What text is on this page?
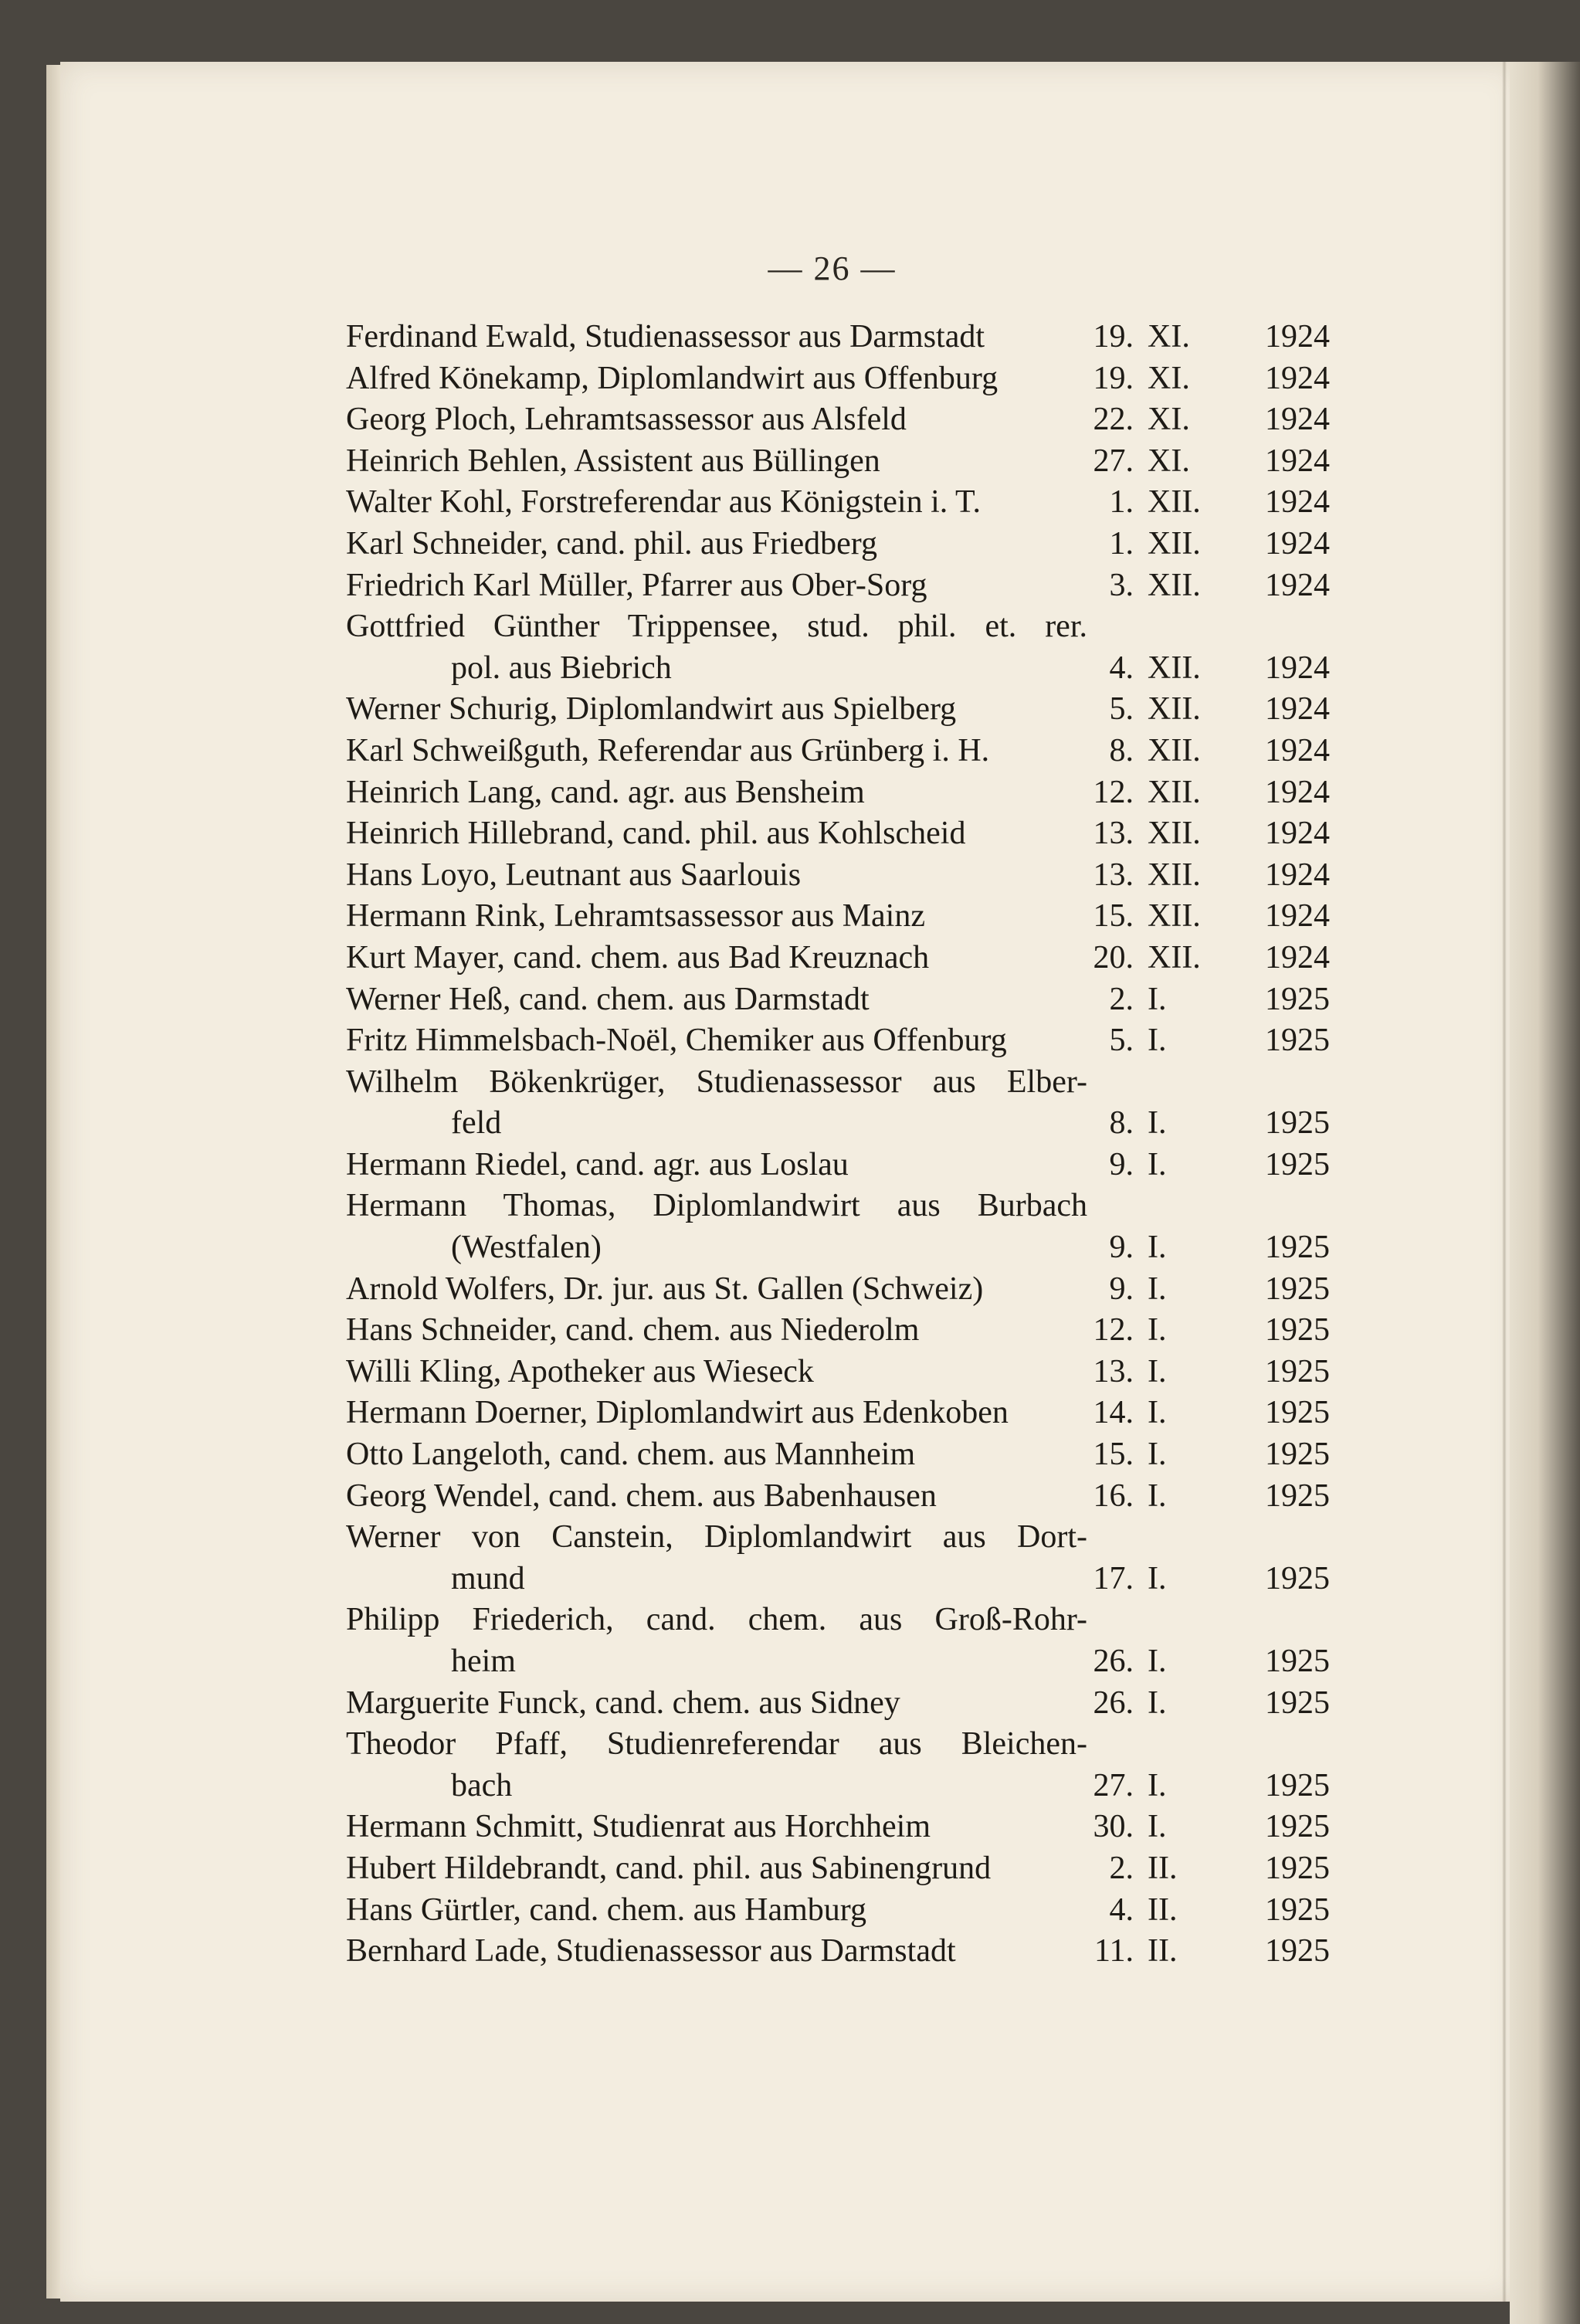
— 26 —
Ferdinand Ewald, Studienassessor aus Darmstadt	19. XI. 1924
Alfred Könekamp, Diplomlandwirt aus Offenburg	19. XI. 1924
Georg Ploch, Lehramtsassessor aus Alsfeld	22. XI. 1924
Heinrich Behlen, Assistent aus Büllingen	27. XI. 1924
Walter Kohl, Forstreferendar aus Königstein i. T.	1. XII. 1924
Karl Schneider, cand. phil. aus Friedberg	1. XII. 1924
Friedrich Karl Müller, Pfarrer aus Ober-Sorg	3. XII. 1924
Gottfried Günther Trippensee, stud. phil. et. rer.
pol. aus Biebrich	4. XII. 1924
Werner Schurig, Diplomlandwirt aus Spielberg	5. XII. 1924
Karl Schweißguth, Referendar aus Grünberg i. H.	8. XII. 1924
Heinrich Lang, cand. agr. aus Bensheim	12. XII. 1924
Heinrich Hillebrand, cand. phil. aus Kohlscheid	13. XII. 1924
Hans Loyo, Leutnant aus Saarlouis	13. XII. 1924
Hermann Rink, Lehramtsassessor aus Mainz	15. XII. 1924
Kurt Mayer, cand. chem. aus Bad Kreuznach	20. XII. 1924
Werner Heß, cand. chem. aus Darmstadt	2. I.	1925
Fritz Himmelsbach-Noël, Chemiker aus Offenburg	5. I.	1925
Wilhelm Bökenkrüger, Studienassessor aus Elber-
feld	8. I.	1925
Hermann Riedel, cand. agr. aus Loslau	9. I.	1925
Hermann Thomas, Diplomlandwirt aus Burbach
(Westfalen)	9. I.	1925
Arnold Wolfers, Dr. jur. aus St. Gallen (Schweiz)	9. I.	1925
Hans Schneider, cand. chem. aus Niederolm	12. I.	1925
Willi Kling, Apotheker aus Wieseck	13. I.	1925
Hermann Doerner, Diplomlandwirt aus Edenkoben	14. I.	1925
Otto Langeloth, cand. chem. aus Mannheim	15. I.	1925
Georg Wendel, cand. chem. aus Babenhausen	16. I.	1925
Werner von Canstein, Diplomlandwirt aus Dort-
mund	17. I.	1925
Philipp Friederich, cand. chem. aus Groß-Rohr-
heim	26. I.	1925
Marguerite Funck, cand. chem. aus Sidney	26. I.	1925
Theodor Pfaff, Studienreferendar aus Bleichen-
bach	27. I.	1925
Hermann Schmitt, Studienrat aus Horchheim	30. I.	1925
Hubert Hildebrandt, cand. phil. aus Sabinengrund	2. II.	1925
Hans Gürtler, cand. chem. aus Hamburg	4. II.	1925
Bernhard Lade, Studienassessor aus Darmstadt	11. II.	1925
